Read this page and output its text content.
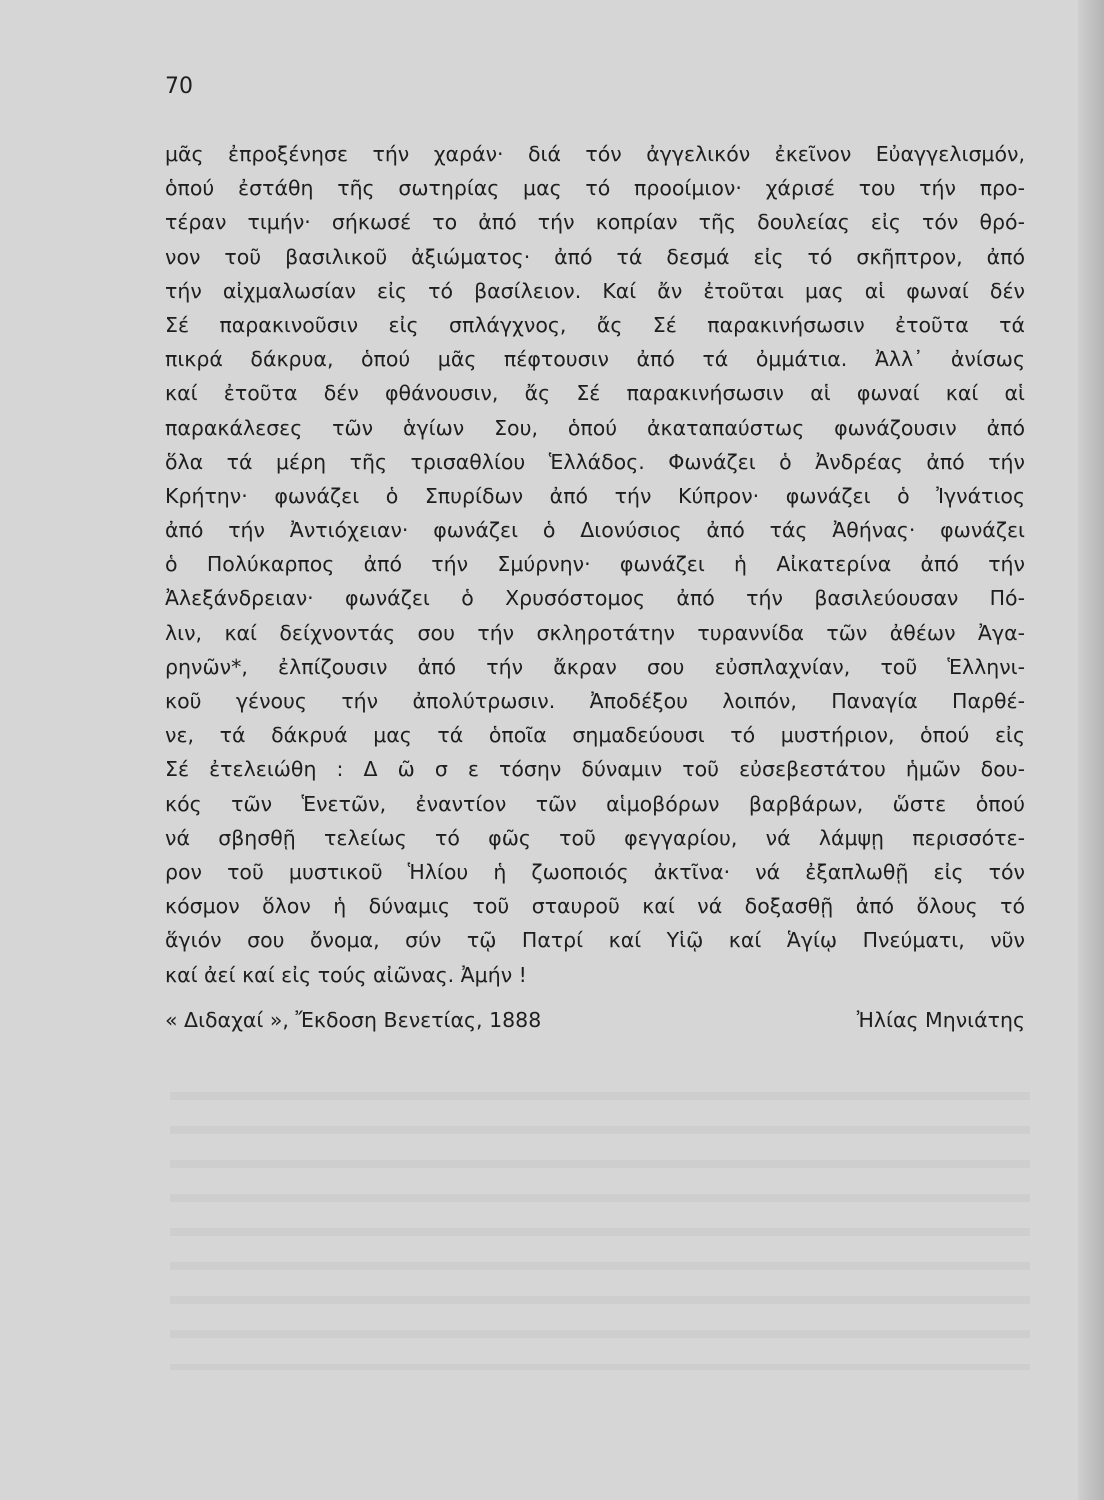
70
μᾶς ἐπροξένησε τήν χαράν· διά τόν ἀγγελικόν ἐκεῖνον Εὐαγγελισμόν,
ὁπού ἐστάθη τῆς σωτηρίας μας τό προοίμιον· χάρισέ του τήν προ-
τέραν τιμήν· σήκωσέ το ἀπό τήν κοπρίαν τῆς δουλείας εἰς τόν θρό-
νον τοῦ βασιλικοῦ ἀξιώματος· ἀπό τά δεσμά εἰς τό σκῆπτρον, ἀπό
τήν αἰχμαλωσίαν εἰς τό βασίλειον. Καί ἄν ἐτοῦται μας αἱ φωναί δέν
Σέ παρακινοῦσιν εἰς σπλάγχνος, ἄς Σέ παρακινήσωσιν ἐτοῦτα τά
πικρά δάκρυα, ὁπού μᾶς πέφτουσιν ἀπό τά ὀμμάτια. Ἀλλ᾽ ἀνίσως
καί ἐτοῦτα δέν φθάνουσιν, ἄς Σέ παρακινήσωσιν αἱ φωναί καί αἱ
παρακάλεσες τῶν ἁγίων Σου, ὁπού ἀκαταπαύστως φωνάζουσιν ἀπό
ὅλα τά μέρη τῆς τρισαθλίου Ἑλλάδος. Φωνάζει ὁ Ἀνδρέας ἀπό τήν
Κρήτην· φωνάζει ὁ Σπυρίδων ἀπό τήν Κύπρον· φωνάζει ὁ Ἰγνάτιος
ἀπό τήν Ἀντιόχειαν· φωνάζει ὁ Διονύσιος ἀπό τάς Ἀθήνας· φωνάζει
ὁ Πολύκαρπος ἀπό τήν Σμύρνην· φωνάζει ἡ Αἰκατερίνα ἀπό τήν
Ἀλεξάνδρειαν· φωνάζει ὁ Χρυσόστομος ἀπό τήν βασιλεύουσαν Πό-
λιν, καί δείχνοντάς σου τήν σκληροτάτην τυραννίδα τῶν ἀθέων Ἀγα-
ρηνῶν*, ἐλπίζουσιν ἀπό τήν ἄκραν σου εὐσπλαχνίαν, τοῦ Ἑλληνι-
κοῦ γένους τήν ἀπολύτρωσιν. Ἀποδέξου λοιπόν, Παναγία Παρθέ-
νε, τά δάκρυά μας τά ὁποῖα σημαδεύουσι τό μυστήριον, ὁπού εἰς
Σέ ἐτελειώθη : Δ ῶ σ ε τόσην δύναμιν τοῦ εὐσεβεστάτου ἡμῶν δου-
κός τῶν Ἑνετῶν, ἐναντίον τῶν αἱμοβόρων βαρβάρων, ὥστε ὁπού
νά σβησθῇ τελείως τό φῶς τοῦ φεγγαρίου, νά λάμψῃ περισσότε-
ρον τοῦ μυστικοῦ Ἡλίου ἡ ζωοποιός ἀκτῖνα· νά ἐξαπλωθῇ εἰς τόν
κόσμον ὅλον ἡ δύναμις τοῦ σταυροῦ καί νά δοξασθῇ ἀπό ὅλους τό
ἅγιόν σου ὄνομα, σύν τῷ Πατρί καί Υἱῷ καί Ἁγίῳ Πνεύματι, νῦν
καί ἀεί καί εἰς τούς αἰῶνας. Ἀμήν !
« Διδαχαί », Ἔκδοση Βενετίας, 1888	Ἠλίας Μηνιάτης
